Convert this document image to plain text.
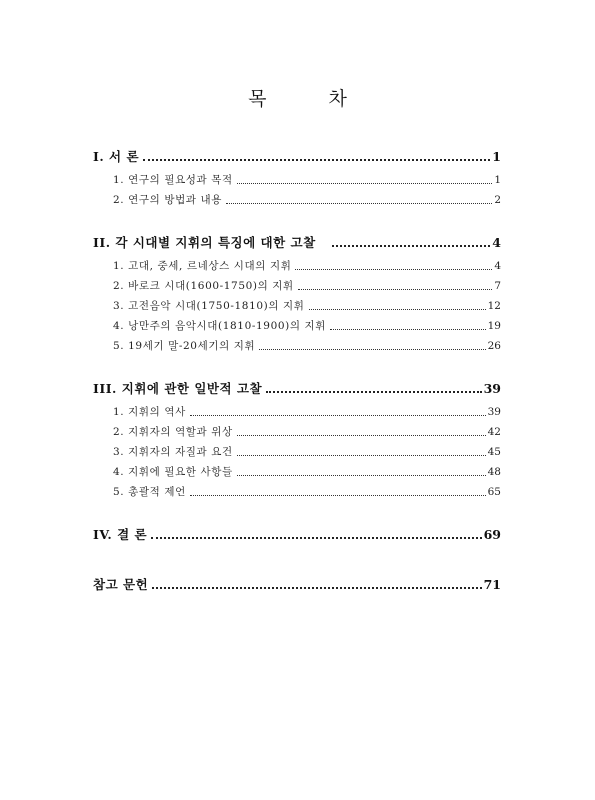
목 차
I. 서 론	1
1. 연구의 필요성과 목적	1
2. 연구의 방법과 내용	2
II. 각 시대별 지휘의 특징에 대한 고찰	4
1. 고대, 중세, 르네상스 시대의 지휘	4
2. 바로크 시대(1600-1750)의 지휘	7
3. 고전음악 시대(1750-1810)의 지휘	12
4. 낭만주의 음악시대(1810-1900)의 지휘	19
5. 19세기 말-20세기의 지휘	26
III. 지휘에 관한 일반적 고찰	39
1. 지휘의 역사	39
2. 지휘자의 역할과 위상	42
3. 지휘자의 자질과 요건	45
4. 지휘에 필요한 사항들	48
5. 총괄적 제언	65
IV. 결 론	69
참고 문헌	71
